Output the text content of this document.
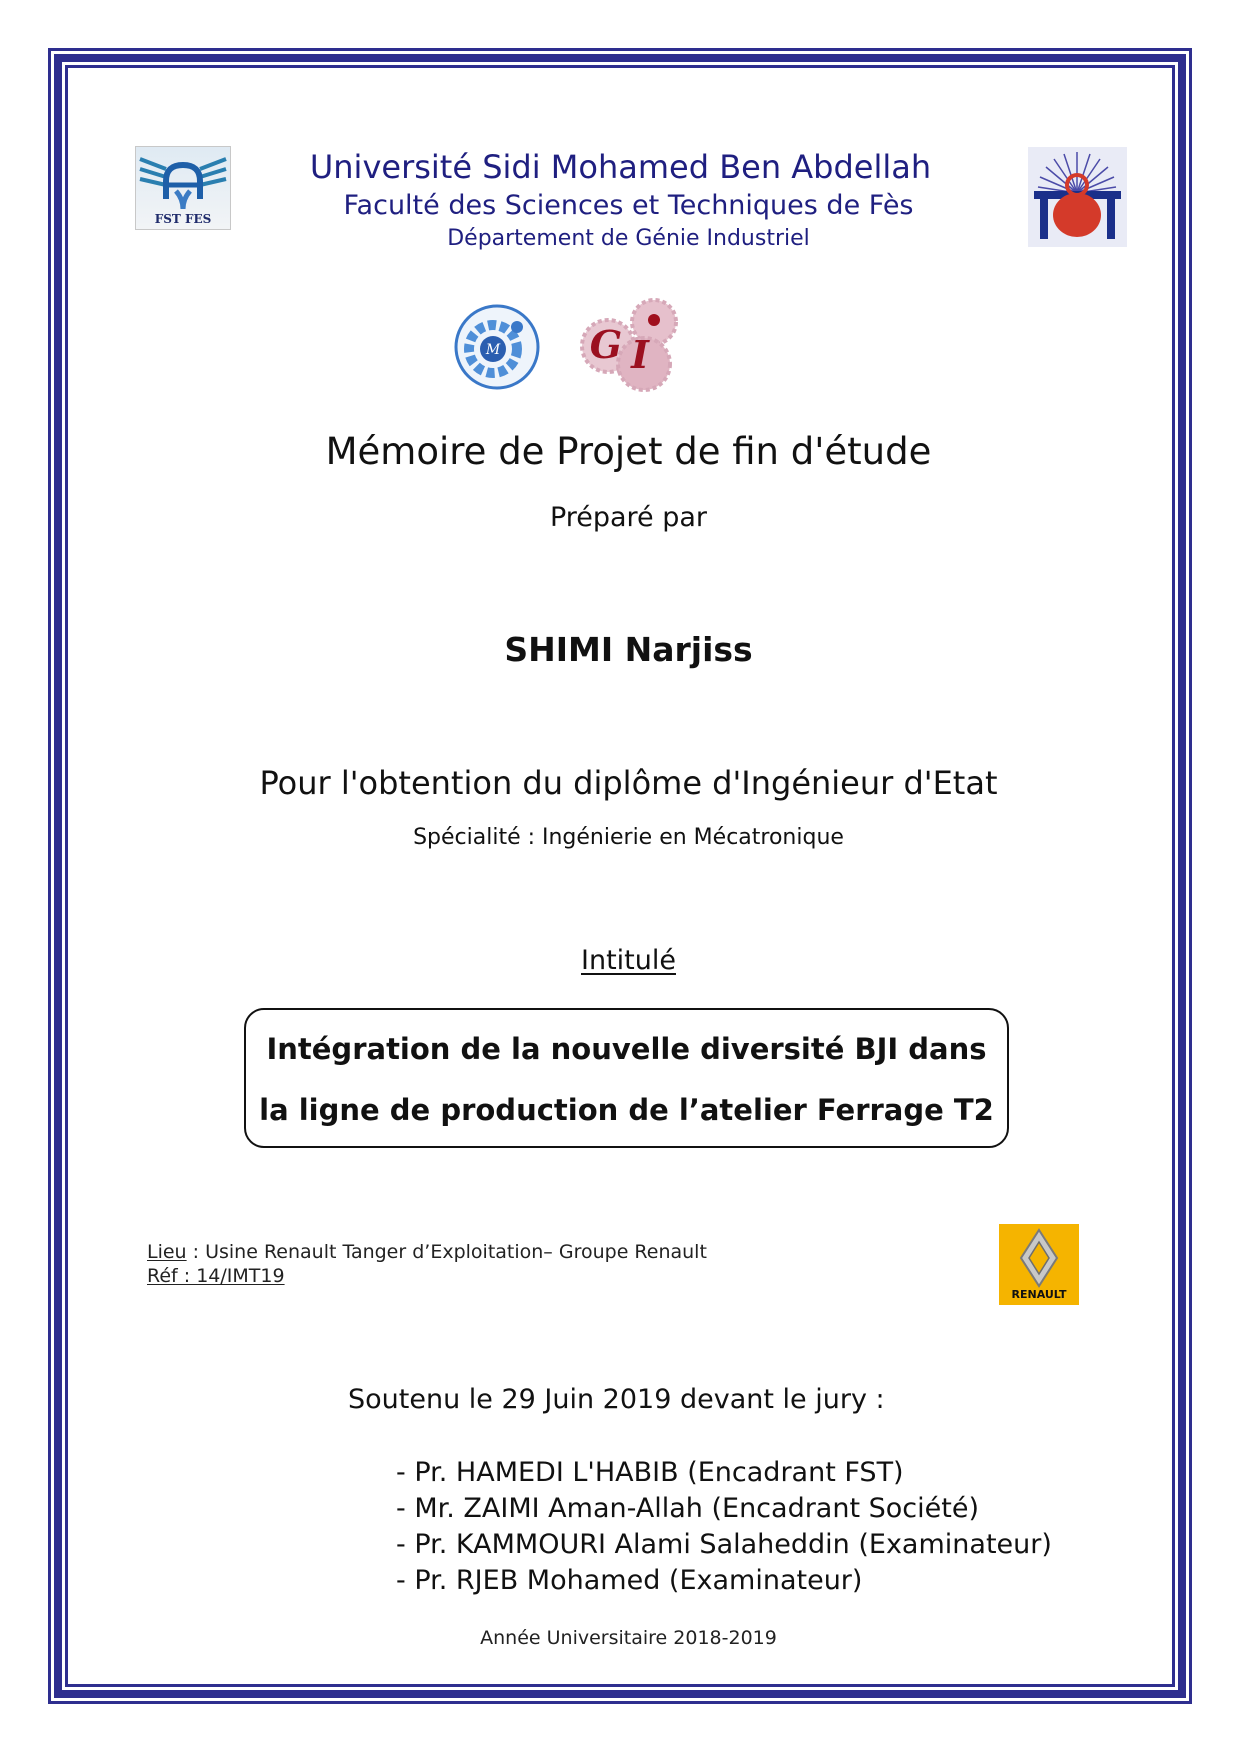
FST FES
Université Sidi Mohamed Ben Abdellah
Faculté des Sciences et Techniques de Fès
Département de Génie Industriel
M G I
Mémoire de Projet de fin d'étude
Préparé par
SHIMI Narjiss
Pour l'obtention du diplôme d'Ingénieur d'Etat
Spécialité : Ingénierie en Mécatronique
Intitulé
Intégration de la nouvelle diversité BJI dans
la ligne de production de l’atelier Ferrage T2
Lieu : Usine Renault Tanger d’Exploitation– Groupe Renault
Réf : 14/IMT19
RENAULT
Soutenu le 29 Juin 2019 devant le jury :
- Pr. HAMEDI L'HABIB (Encadrant FST)
- Mr. ZAIMI Aman-Allah (Encadrant Société)
- Pr. KAMMOURI Alami Salaheddin (Examinateur)
- Pr. RJEB Mohamed (Examinateur)
Année Universitaire 2018-2019
